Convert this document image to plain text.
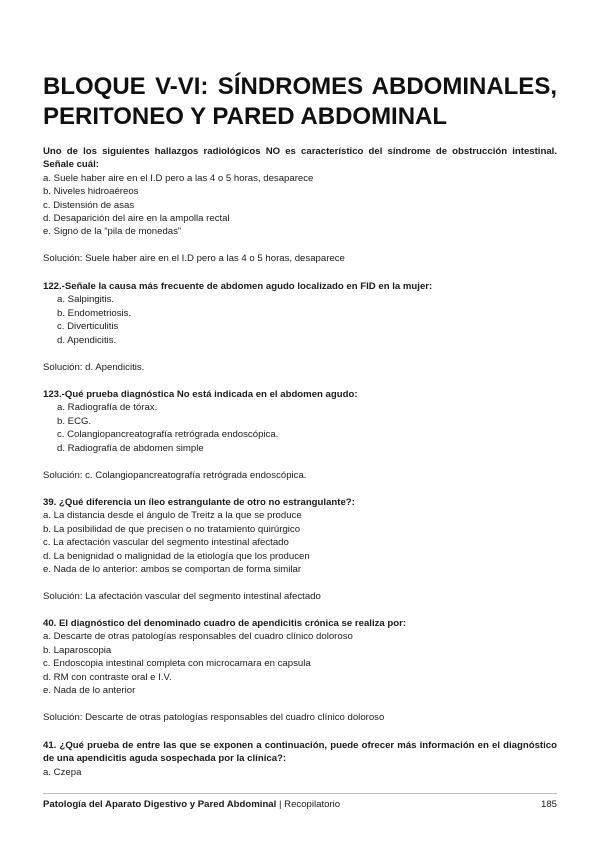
BLOQUE V-VI: SÍNDROMES ABDOMINALES,
PERITONEO Y PARED ABDOMINAL
Uno de los siguientes hallazgos radiológicos NO es característico del síndrome de obstrucción intestinal. Señale cuál:
a. Suele haber aire en el I.D pero a las 4 o 5 horas, desaparece
b. Niveles hidroaéreos
c. Distensión de asas
d. Desaparición del aire en la ampolla rectal
e. Signo de la “pila de monedas”
Solución: Suele haber aire en el I.D pero a las 4 o 5 horas, desaparece
122.-Señale la causa más frecuente de abdomen agudo localizado en FID en la mujer:
a. Salpingitis.
b. Endometriosis.
c. Diverticulitis
d. Apendicitis.
Solución: d. Apendicitis.
123.-Qué prueba diagnóstica No está indicada en el abdomen agudo:
a. Radiografía de tórax.
b. ECG.
c. Colangiopancreatografía retrógrada endoscópica.
d. Radiografía de abdomen simple
Solución: c. Colangiopancreatografía retrógrada endoscópica.
39. ¿Qué diferencia un íleo estrangulante de otro no estrangulante?:
a. La distancia desde el ángulo de Treitz a la que se produce
b. La posibilidad de que precisen o no tratamiento quirúrgico
c. La afectación vascular del segmento intestinal afectado
d. La benignidad o malignidad de la etiología que los producen
e. Nada de lo anterior: ambos se comportan de forma similar
Solución: La afectación vascular del segmento intestinal afectado
40. El diagnóstico del denominado cuadro de apendicitis crónica se realiza por:
a. Descarte de otras patologías responsables del cuadro clínico doloroso
b. Laparoscopia
c. Endoscopia intestinal completa con microcamara en capsula
d. RM con contraste oral e I.V.
e. Nada de lo anterior
Solución: Descarte de otras patologías responsables del cuadro clínico doloroso
41. ¿Qué prueba de entre las que se exponen a continuación, puede ofrecer más información en el diagnóstico de una apendicitis aguda sospechada por la clínica?:
a. Czepa
Patología del Aparato Digestivo y Pared Abdominal | Recopilatorio	185
